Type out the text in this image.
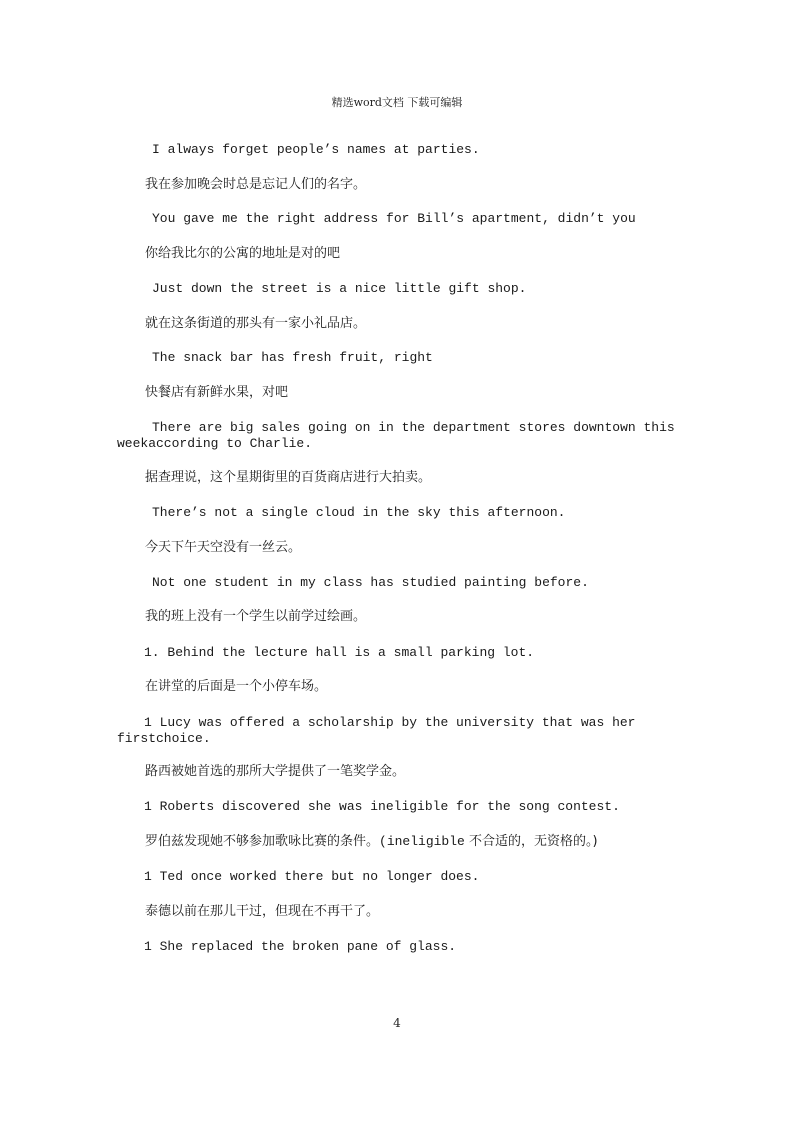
精选word文档 下载可编辑
I always forget people’s names at parties.
我在参加晚会时总是忘记人们的名字。
You gave me the right address for Bill’s apartment, didn’t you
你给我比尔的公寓的地址是对的吧
Just down the street is a nice little gift shop.
就在这条街道的那头有一家小礼品店。
The snack bar has fresh fruit, right
快餐店有新鲜水果，对吧
There are big sales going on in the department stores downtown this weekaccording to Charlie.
据查理说，这个星期街里的百货商店进行大拍卖。
There’s not a single cloud in the sky this afternoon.
今天下午天空没有一丝云。
Not one student in my class has studied painting before.
我的班上没有一个学生以前学过绘画。
1. Behind the lecture hall is a small parking lot.
在讲堂的后面是一个小停车场。
1 Lucy was offered a scholarship by the university that was her firstchoice.
路西被她首选的那所大学提供了一笔奖学金。
1 Roberts discovered she was ineligible for the song contest.
罗伯兹发现她不够参加歌咏比赛的条件。(ineligible 不合适的，无资格的。)
1 Ted once worked there but no longer does.
泰德以前在那儿干过，但现在不再干了。
1 She replaced the broken pane of glass.
4
